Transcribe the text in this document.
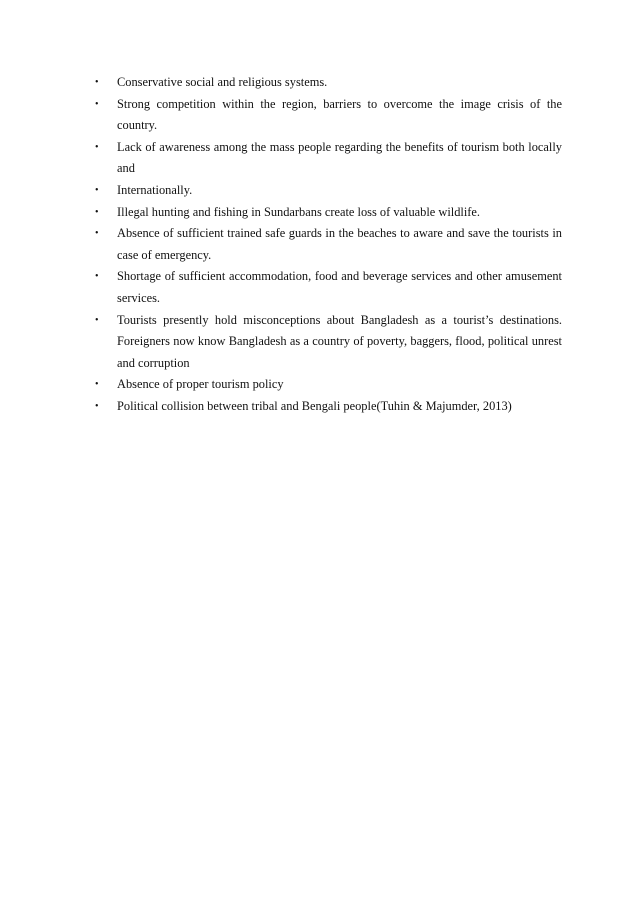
• Conservative social and religious systems.
• Strong competition within the region, barriers to overcome the image crisis of the country.
• Lack of awareness among the mass people regarding the benefits of tourism both locally and
• Internationally.
• Illegal hunting and fishing in Sundarbans create loss of valuable wildlife.
• Absence of sufficient trained safe guards in the beaches to aware and save the tourists in case of emergency.
• Shortage of sufficient accommodation, food and beverage services and other amusement services.
• Tourists presently hold misconceptions about Bangladesh as a tourist’s destinations. Foreigners now know Bangladesh as a country of poverty, baggers, flood, political unrest and corruption
• Absence of proper tourism policy
• Political collision between tribal and Bengali people(Tuhin & Majumder, 2013)
